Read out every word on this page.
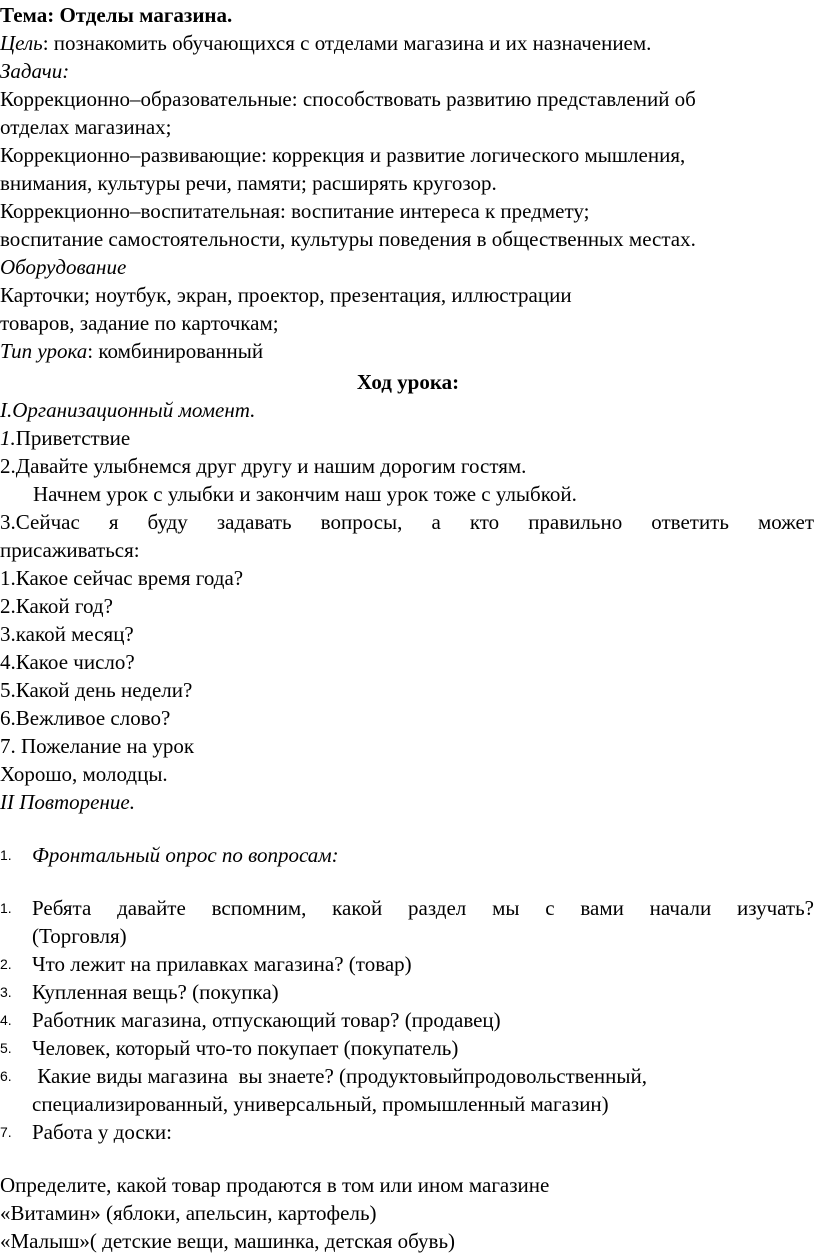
Тема: Отделы магазина.
Цель: познакомить обучающихся с отделами магазина и их назначением.
Задачи:
Коррекционно–образовательные: способствовать развитию представлений об
отделах магазинах;
Коррекционно–развивающие: коррекция и развитие логического мышления,
внимания, культуры речи, памяти; расширять кругозор.
Коррекционно–воспитательная: воспитание интереса к предмету;
воспитание самостоятельности, культуры поведения в общественных местах.
Оборудование
Карточки; ноутбук, экран, проектор, презентация, иллюстрации
товаров, задание по карточкам;
Тип урока: комбинированный
Ход урока:
I.Организационный момент.
1.Приветствие
2.Давайте улыбнемся друг другу и нашим дорогим гостям.
Начнем урок с улыбки и закончим наш урок тоже с улыбкой.
3.Сейчас я буду задавать вопросы, а кто правильно ответить может
присаживаться:
1.Какое сейчас время года?
2.Какой год?
3.какой месяц?
4.Какое число?
5.Какой день недели?
6.Вежливое слово?
7. Пожелание на урок
Хорошо, молодцы.
II Повторение.
1. Фронтальный опрос по вопросам:
1. Ребята давайте вспомним, какой раздел мы с вами начали изучать?
(Торговля)
2. Что лежит на прилавках магазина? (товар)
3. Купленная вещь? (покупка)
4. Работник магазина, отпускающий товар? (продавец)
5. Человек, который что-то покупает (покупатель)
6. Какие виды магазина  вы знаете? (продуктовыйпродовольственный,
специализированный, универсальный, промышленный магазин)
7. Работа у доски:
Определите, какой товар продаются в том или ином магазине
«Витамин» (яблоки, апельсин, картофель)
«Малыш»( детские вещи, машинка, детская обувь)
